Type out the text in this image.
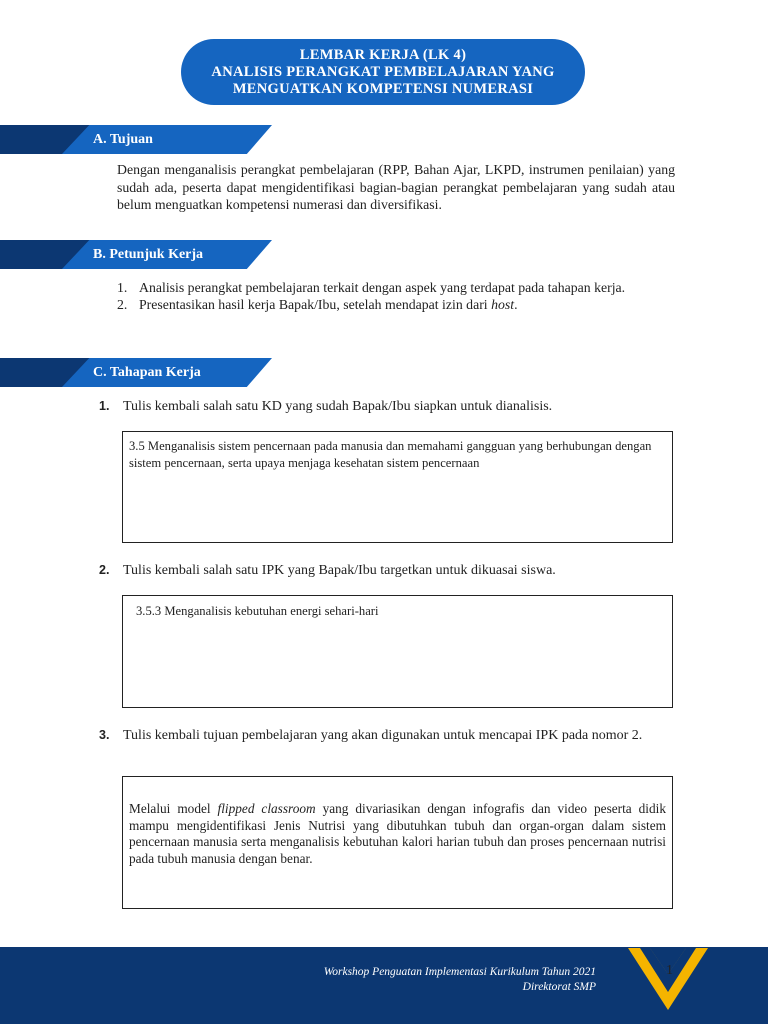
LEMBAR KERJA (LK 4)
ANALISIS PERANGKAT PEMBELAJARAN YANG
MENGUATKAN KOMPETENSI NUMERASI
A. Tujuan
Dengan menganalisis perangkat pembelajaran (RPP, Bahan Ajar, LKPD, instrumen penilaian) yang sudah ada, peserta dapat mengidentifikasi bagian-bagian perangkat pembelajaran yang sudah atau belum menguatkan kompetensi numerasi dan diversifikasi.
B. Petunjuk Kerja
1. Analisis perangkat pembelajaran terkait dengan aspek yang terdapat pada tahapan kerja.
2. Presentasikan hasil kerja Bapak/Ibu, setelah mendapat izin dari host.
C. Tahapan Kerja
1. Tulis kembali salah satu KD yang sudah Bapak/Ibu siapkan untuk dianalisis.
3.5 Menganalisis sistem pencernaan pada manusia dan memahami gangguan yang berhubungan dengan sistem pencernaan, serta upaya menjaga kesehatan sistem pencernaan
2. Tulis kembali salah satu IPK yang Bapak/Ibu targetkan untuk dikuasai siswa.
3.5.3 Menganalisis kebutuhan energi sehari-hari
3. Tulis kembali tujuan pembelajaran yang akan digunakan untuk mencapai IPK pada nomor 2.
Melalui model flipped classroom yang divariasikan dengan infografis dan video peserta didik mampu mengidentifikasi Jenis Nutrisi yang dibutuhkan tubuh dan organ-organ dalam sistem pencernaan manusia serta menganalisis kebutuhan kalori harian tubuh dan proses pencernaan nutrisi pada tubuh manusia dengan benar.
Workshop Penguatan Implementasi Kurikulum Tahun 2021
Direktorat SMP
1
